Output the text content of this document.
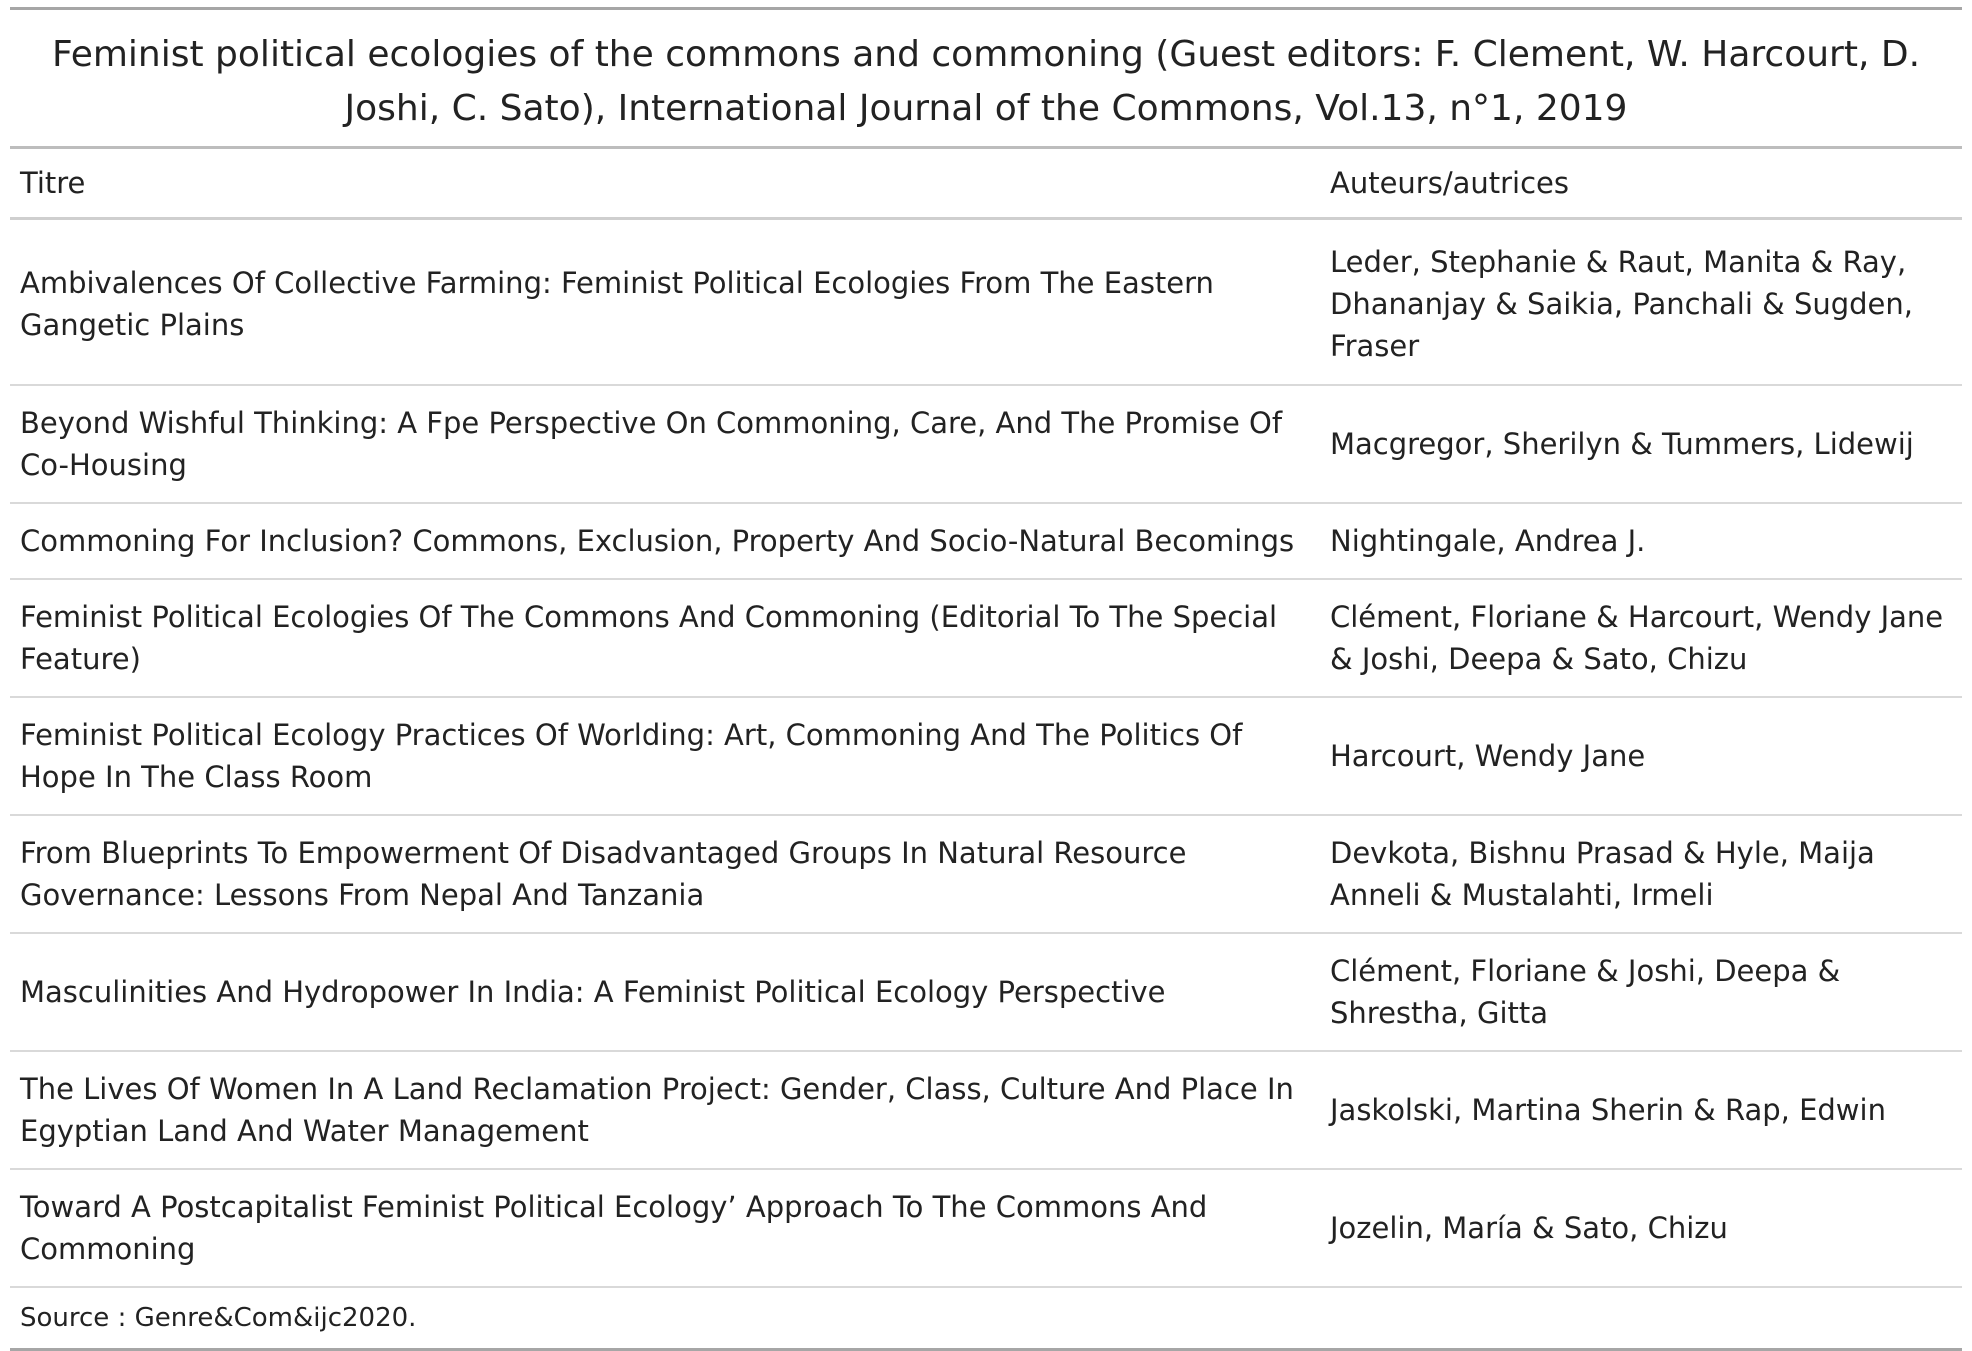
Feminist political ecologies of the commons and commoning (Guest editors: F. Clement, W. Harcourt, D. Joshi, C. Sato), International Journal of the Commons, Vol.13, n°1, 2019
Titre	Auteurs/autrices
Ambivalences Of Collective Farming: Feminist Political Ecologies From The Eastern Gangetic Plains	Leder, Stephanie & Raut, Manita & Ray, Dhananjay & Saikia, Panchali & Sugden, Fraser
Beyond Wishful Thinking: A Fpe Perspective On Commoning, Care, And The Promise Of Co-Housing	Macgregor, Sherilyn & Tummers, Lidewij
Commoning For Inclusion? Commons, Exclusion, Property And Socio-Natural Becomings	Nightingale, Andrea J.
Feminist Political Ecologies Of The Commons And Commoning (Editorial To The Special Feature)	Clément, Floriane & Harcourt, Wendy Jane & Joshi, Deepa & Sato, Chizu
Feminist Political Ecology Practices Of Worlding: Art, Commoning And The Politics Of Hope In The Class Room	Harcourt, Wendy Jane
From Blueprints To Empowerment Of Disadvantaged Groups In Natural Resource Governance: Lessons From Nepal And Tanzania	Devkota, Bishnu Prasad & Hyle, Maija Anneli & Mustalahti, Irmeli
Masculinities And Hydropower In India: A Feminist Political Ecology Perspective	Clément, Floriane & Joshi, Deepa & Shrestha, Gitta
The Lives Of Women In A Land Reclamation Project: Gender, Class, Culture And Place In Egyptian Land And Water Management	Jaskolski, Martina Sherin & Rap, Edwin
Toward A Postcapitalist Feminist Political Ecology’ Approach To The Commons And Commoning	Jozelin, María & Sato, Chizu
Source : Genre&Com&ijc2020.
